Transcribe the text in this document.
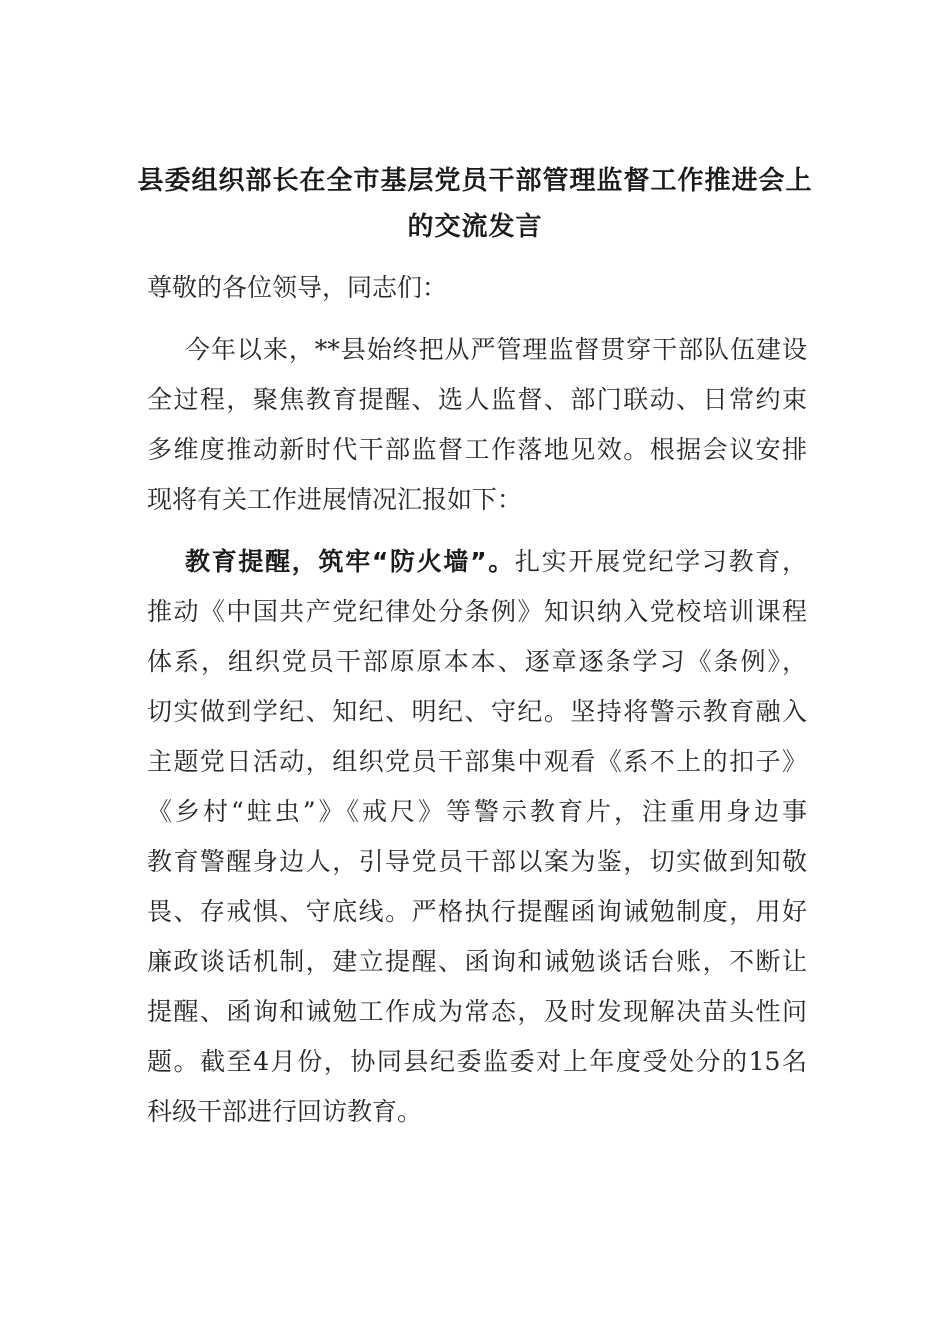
县委组织部长在全市基层党员干部管理监督工作推进会上
的交流发言
尊敬的各位领导，同志们：
今年以来，**县始终把从严管理监督贯穿干部队伍建设
全过程，聚焦教育提醒、选人监督、部门联动、日常约束
多维度推动新时代干部监督工作落地见效。根据会议安排
现将有关工作进展情况汇报如下：
教育提醒，筑牢“防火墙”。扎实开展党纪学习教育，
推动《中国共产党纪律处分条例》知识纳入党校培训课程
体系，组织党员干部原原本本、逐章逐条学习《条例》，
切实做到学纪、知纪、明纪、守纪。坚持将警示教育融入
主题党日活动，组织党员干部集中观看《系不上的扣子》
《乡村“蛀虫”》《戒尺》等警示教育片，注重用身边事
教育警醒身边人，引导党员干部以案为鉴，切实做到知敬
畏、存戒惧、守底线。严格执行提醒函询诫勉制度，用好
廉政谈话机制，建立提醒、函询和诫勉谈话台账，不断让
提醒、函询和诫勉工作成为常态，及时发现解决苗头性问
题。截至4月份，协同县纪委监委对上年度受处分的15名
科级干部进行回访教育。
